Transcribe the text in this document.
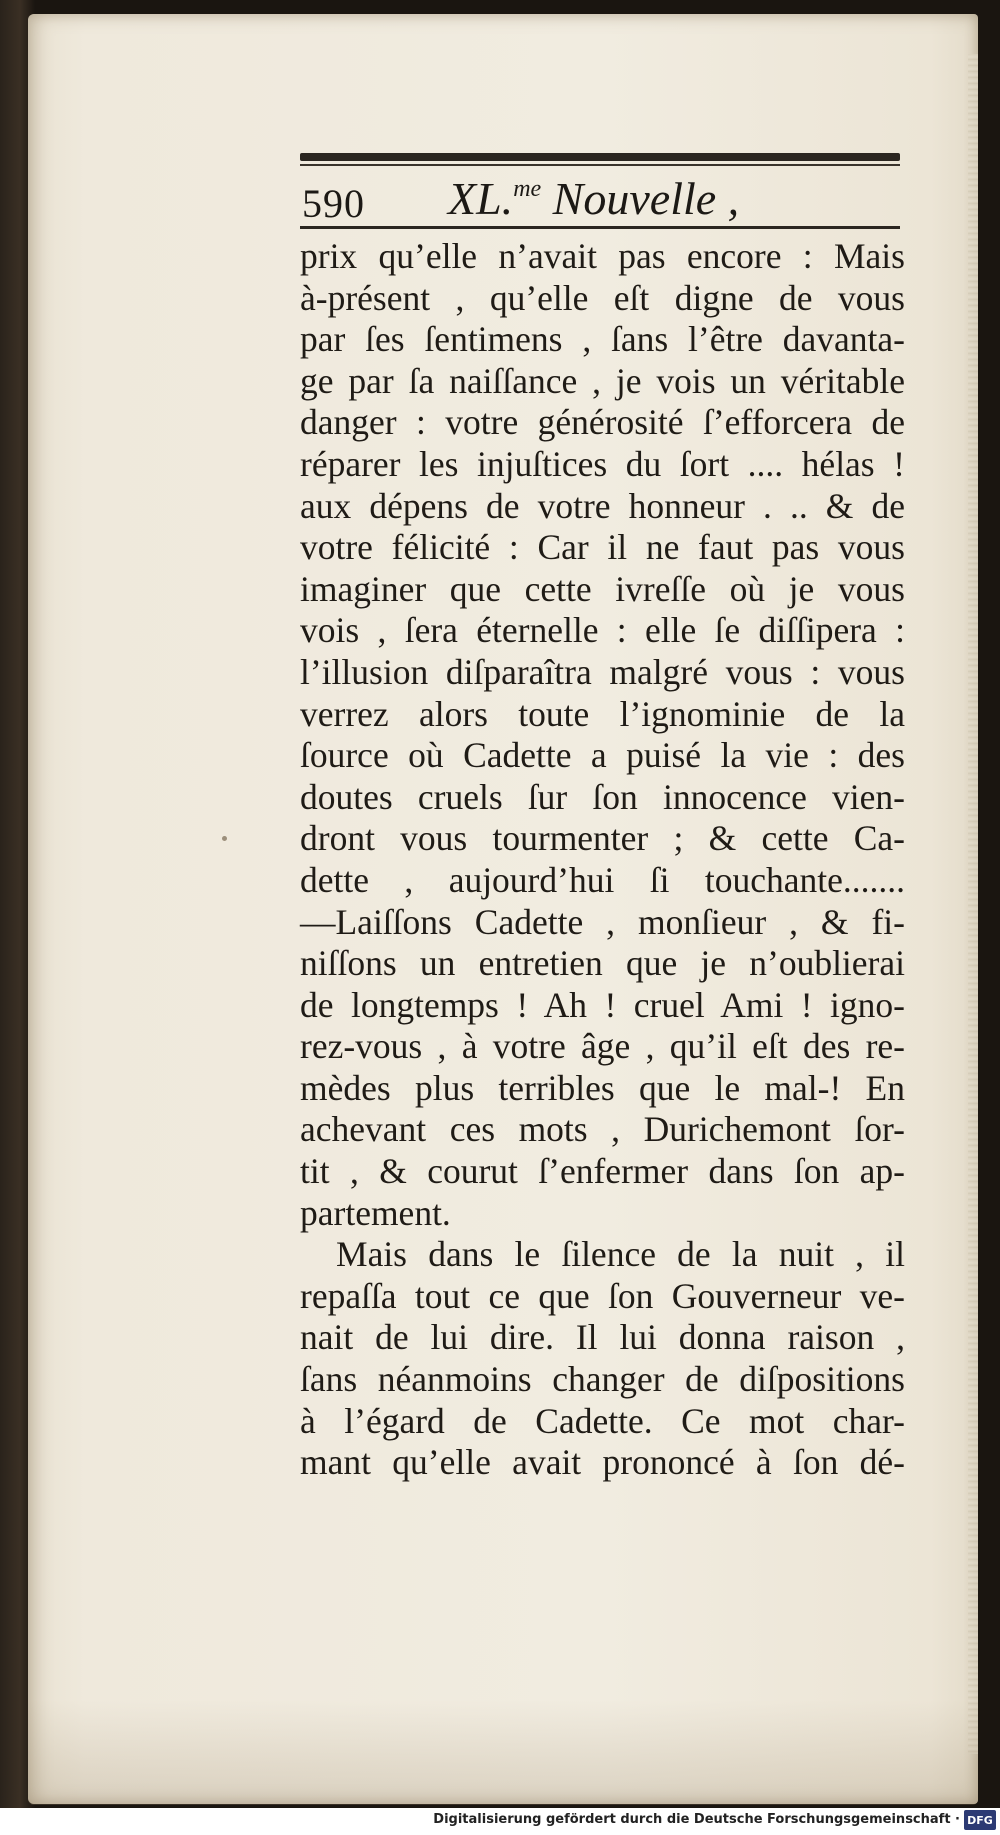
590 XL.$^{me}$ Nouvelle ,
prix qu’elle n’avait pas encore : Mais
à-présent , qu’elle eſt digne de vous
par ſes ſentimens , ſans l’être davanta-
ge par ſa naiſſance , je vois un véritable
danger : votre générosité ſ’efforcera de
réparer les injuſtices du ſort .... hélas !
aux dépens de votre honneur . .. & de
votre félicité : Car il ne faut pas vous
imaginer que cette ivreſſe où je vous
vois , ſera éternelle : elle ſe diſſipera :
l’illusion diſparaîtra malgré vous : vous
verrez alors toute l’ignominie de la
ſource où Cadette a puisé la vie : des
doutes cruels ſur ſon innocence vien-
dront vous tourmenter ; & cette Ca-
dette , aujourd’hui ſi touchante.......
—Laiſſons Cadette , monſieur , & fi-
niſſons un entretien que je n’oublierai
de longtemps ! Ah ! cruel Ami ! igno-
rez-vous , à votre âge , qu’il eſt des re-
mèdes plus terribles que le mal-! En
achevant ces mots , Durichemont ſor-
tit , & courut ſ’enfermer dans ſon ap-
partement.
Mais dans le ſilence de la nuit , il
repaſſa tout ce que ſon Gouverneur ve-
nait de lui dire. Il lui donna raison ,
ſans néanmoins changer de diſpositions
à l’égard de Cadette. Ce mot char-
mant qu’elle avait prononcé à ſon dé-
Digitalisierung gefördert durch die Deutsche Forschungsgemeinschaft · DFG
